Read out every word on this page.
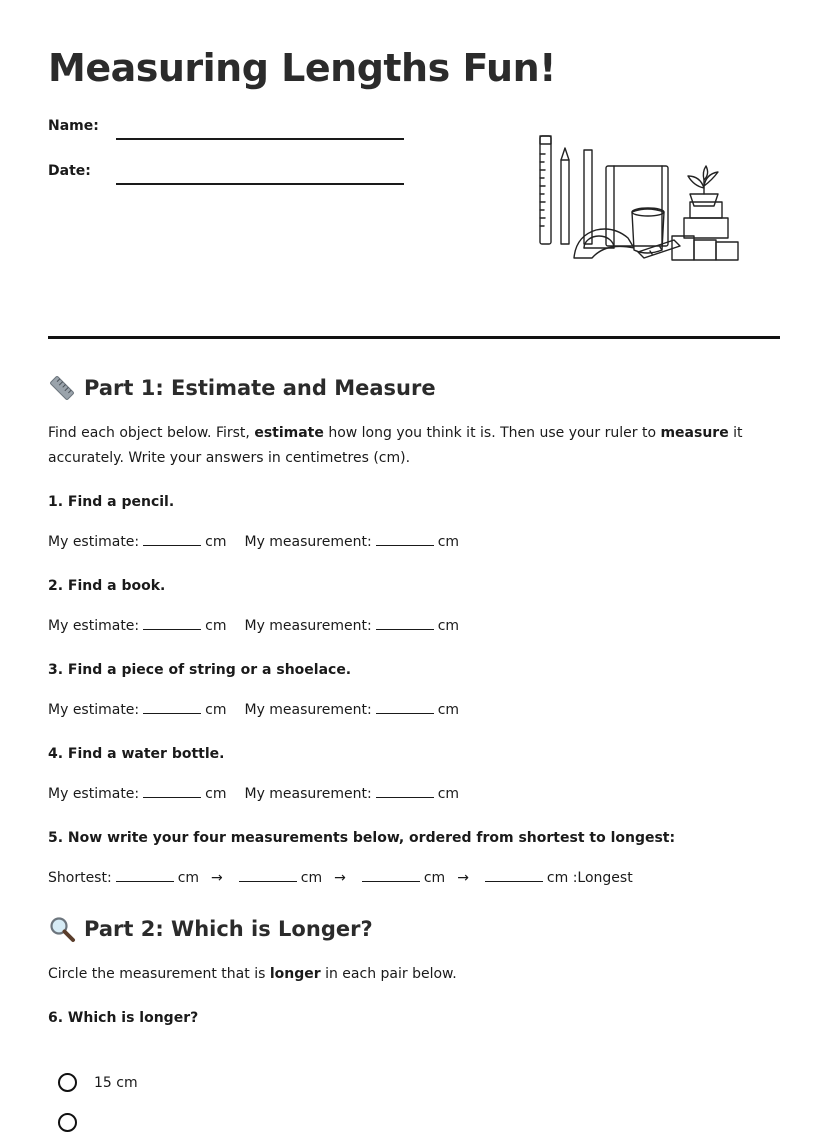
Measuring Lengths Fun!
Name:
Date:
Part 1: Estimate and Measure

Find each object below. First, estimate how long you think it is. Then use your ruler to measure it accurately. Write your answers in centimetres (cm).

1. Find a pencil.

My estimate:	cm My measurement:	cm

2. Find a book.

My estimate:	cm My measurement:	cm

3. Find a piece of string or a shoelace.

My estimate:	cm My measurement:	cm

4. Find a water bottle.

My estimate:	cm My measurement:	cm

5. Now write your four measurements below, ordered from shortest to longest:

Shortest:	cm →	cm →	cm →	cm :Longest

Part 2: Which is Longer?

Circle the measurement that is longer in each pair below.

6. Which is longer?

15 cm
